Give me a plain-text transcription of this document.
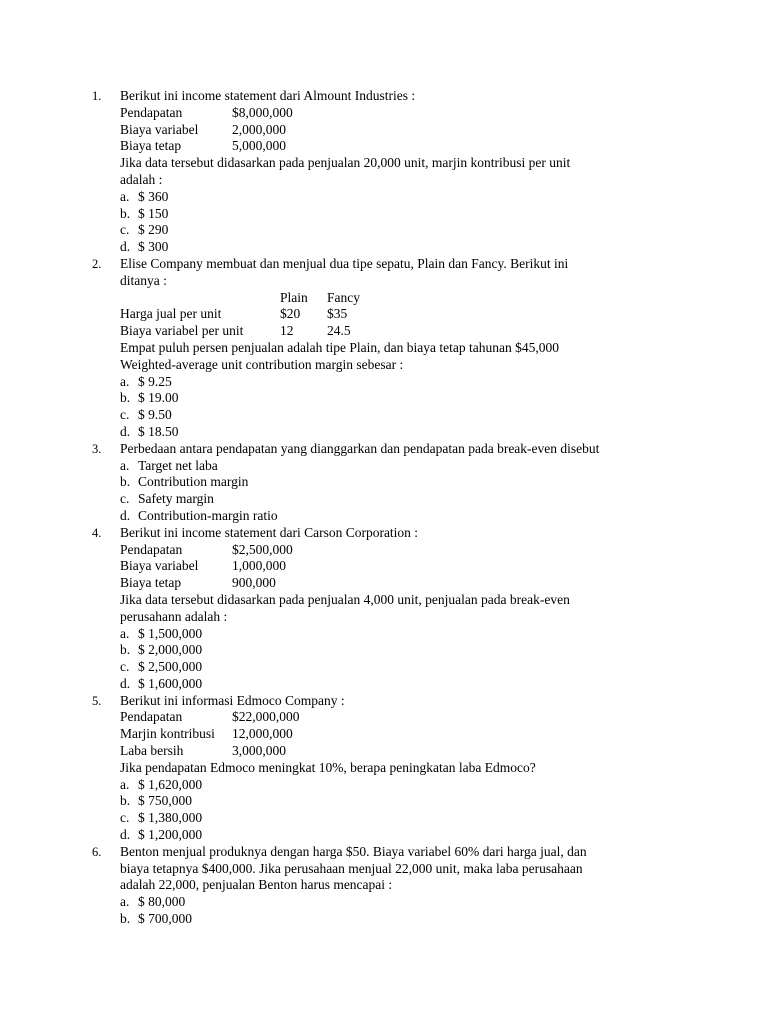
1. Berikut ini income statement dari Almount Industries :
Pendapatan	$8,000,000
Biaya variabel 2,000,000
Biaya tetap	5,000,000
Jika data tersebut didasarkan pada penjualan 20,000 unit, marjin kontribusi per unit
adalah :
a. $ 360
b. $ 150
c. $ 290
d. $ 300
2. Elise Company membuat dan menjual dua tipe sepatu, Plain dan Fancy. Berikut ini
ditanya :
Plain Fancy
Harga jual per unit	$20 $35
Biaya variabel per unit	12 24.5
Empat puluh persen penjualan adalah tipe Plain, dan biaya tetap tahunan $45,000
Weighted-average unit contribution margin sebesar :
a. $ 9.25
b. $ 19.00
c. $ 9.50
d. $ 18.50
3. Perbedaan antara pendapatan yang dianggarkan dan pendapatan pada break-even disebut
a. Target net laba
b. Contribution margin
c. Safety margin
d. Contribution-margin ratio
4. Berikut ini income statement dari Carson Corporation :
Pendapatan	$2,500,000
Biaya variabel 1,000,000
Biaya tetap	900,000
Jika data tersebut didasarkan pada penjualan 4,000 unit, penjualan pada break-even
perusahann adalah :
a. $ 1,500,000
b. $ 2,000,000
c. $ 2,500,000
d. $ 1,600,000
5. Berikut ini informasi Edmoco Company :
Pendapatan	$22,000,000
Marjin kontribusi 12,000,000
Laba bersih	3,000,000
Jika pendapatan Edmoco meningkat 10%, berapa peningkatan laba Edmoco?
a. $ 1,620,000
b. $ 750,000
c. $ 1,380,000
d. $ 1,200,000
6. Benton menjual produknya dengan harga $50. Biaya variabel 60% dari harga jual, dan
biaya tetapnya $400,000. Jika perusahaan menjual 22,000 unit, maka laba perusahaan
adalah 22,000, penjualan Benton harus mencapai :
a. $ 80,000
b. $ 700,000
